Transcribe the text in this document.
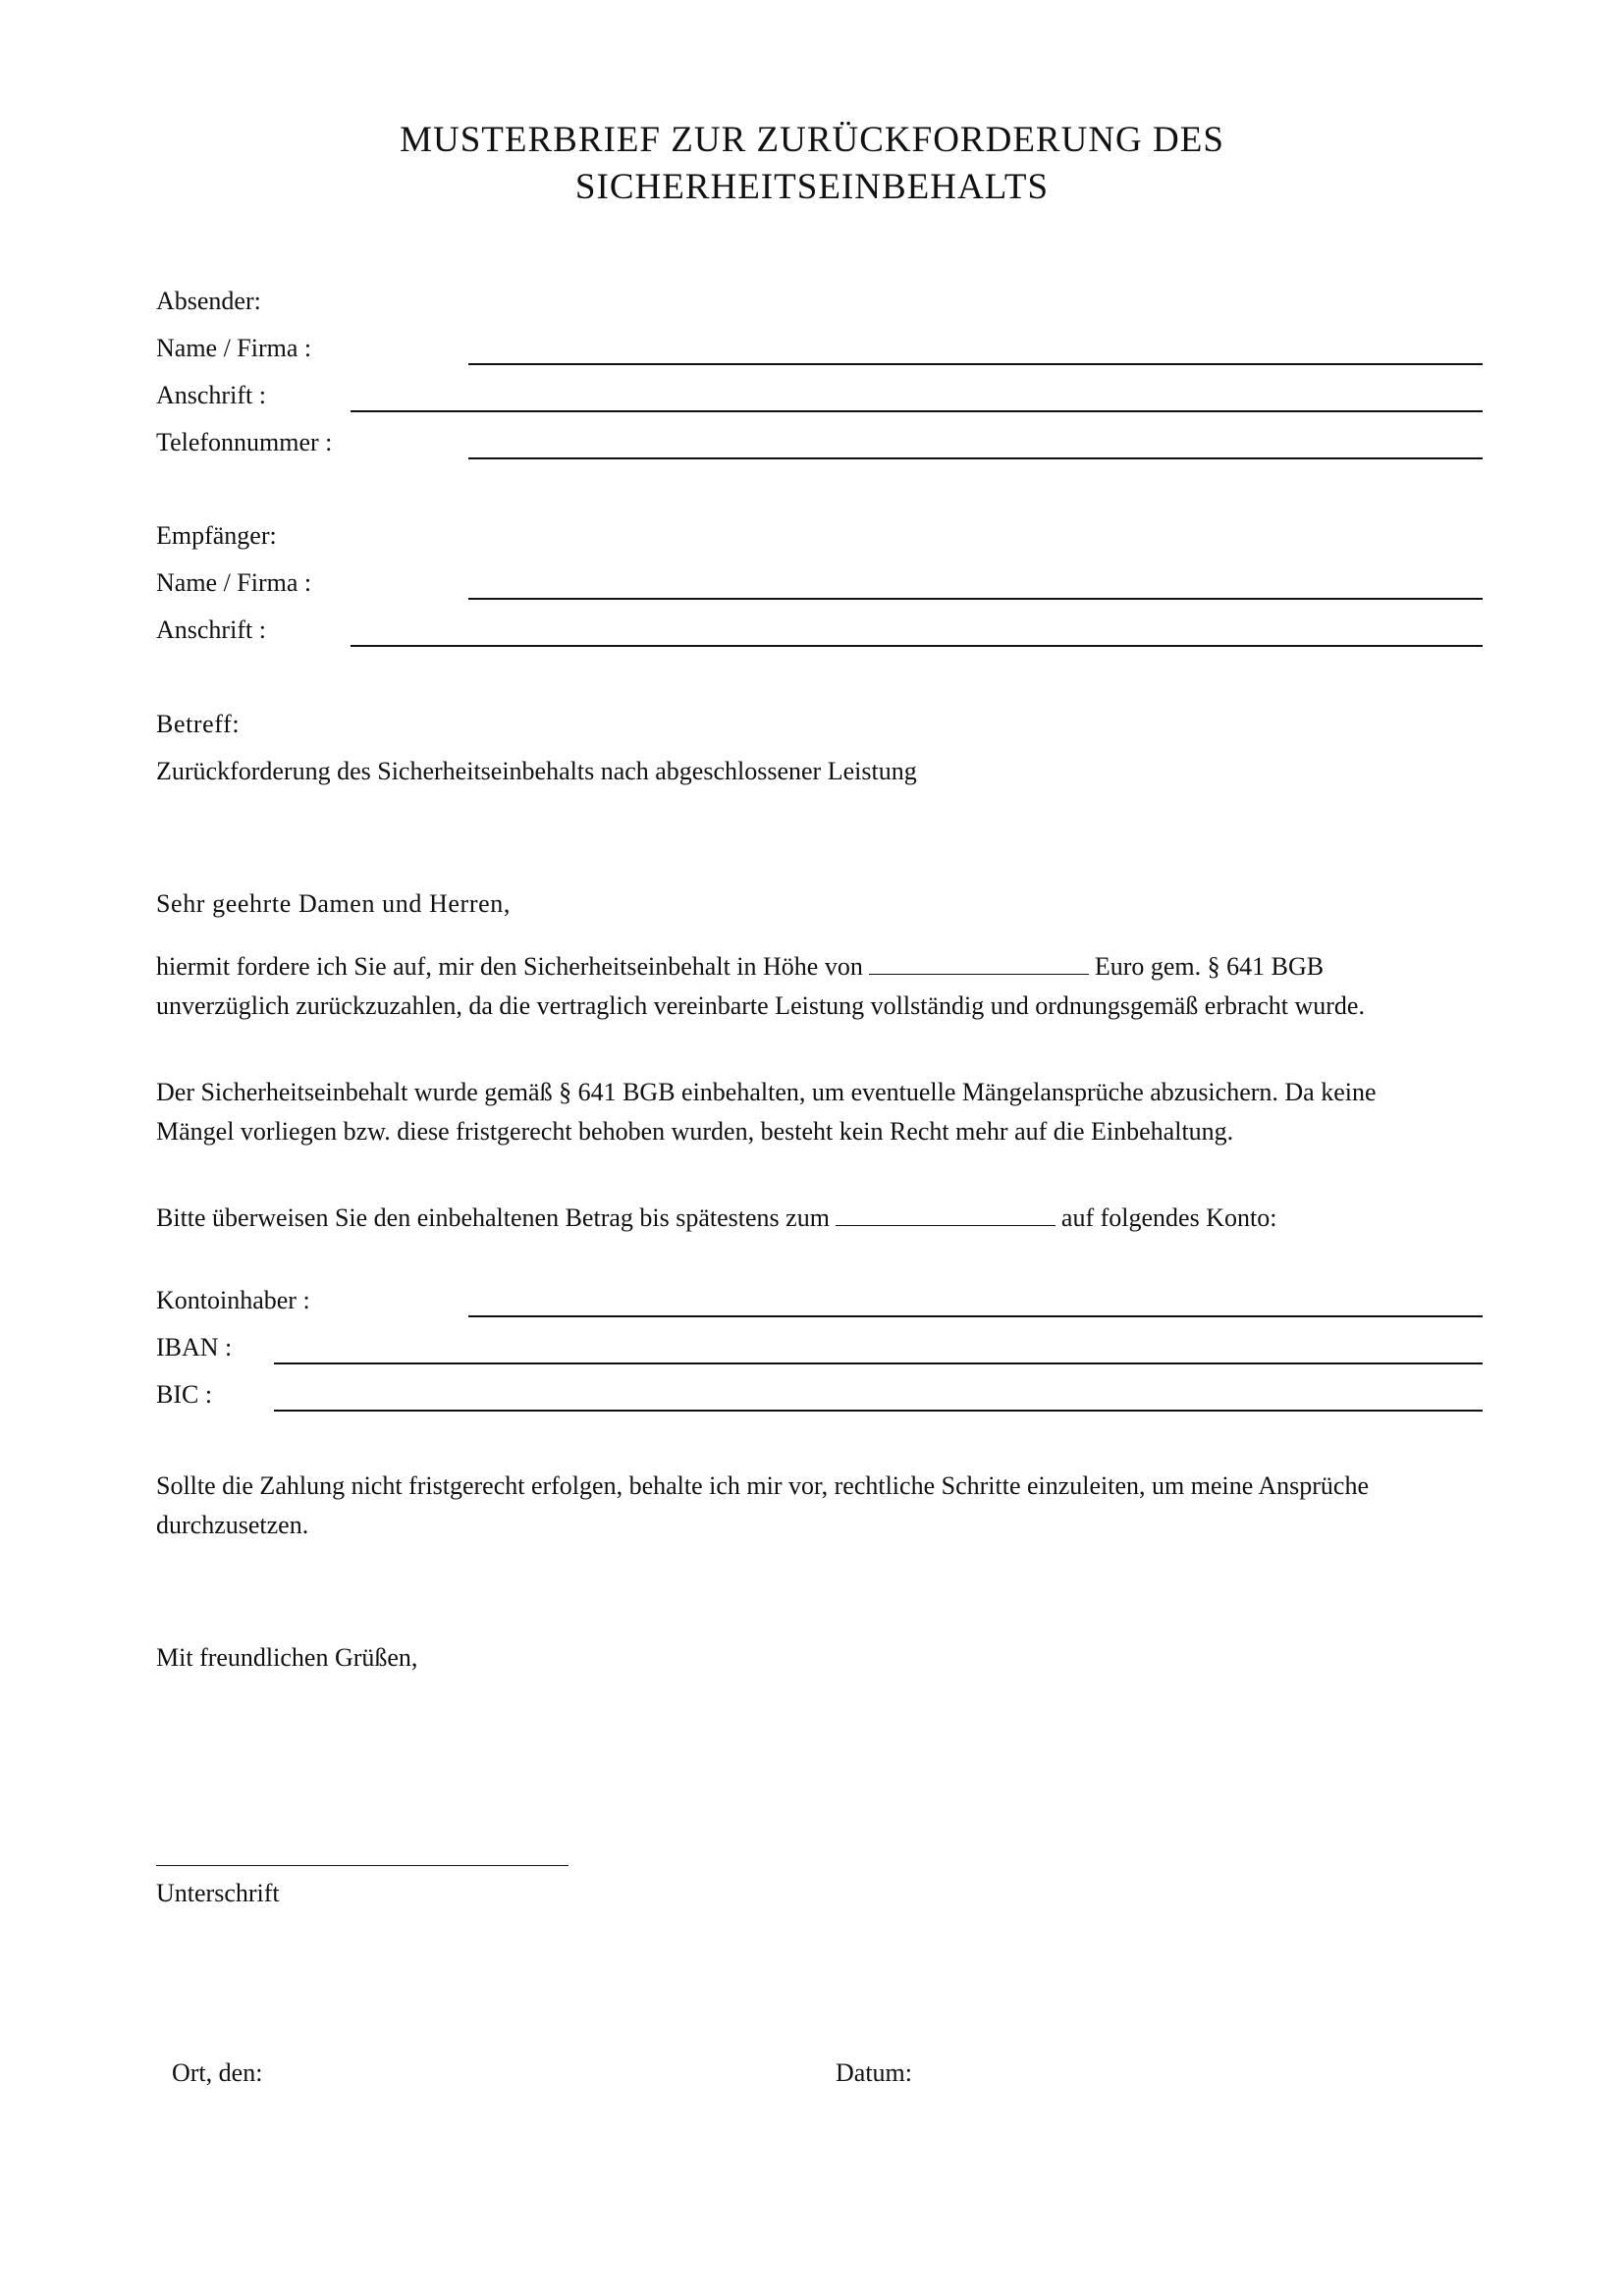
MUSTERBRIEF ZUR ZURÜCKFORDERUNG DES
SICHERHEITSEINBEHALTS
Absender:
Name / Firma :
Anschrift :
Telefonnummer :
Empfänger:
Name / Firma :
Anschrift :
Betreff:
Zurückforderung des Sicherheitseinbehalts nach abgeschlossener Leistung
Sehr geehrte Damen und Herren,
hiermit fordere ich Sie auf, mir den Sicherheitseinbehalt in Höhe von	Euro gem. § 641 BGB
unverzüglich zurückzuzahlen, da die vertraglich vereinbarte Leistung vollständig und ordnungsgemäß erbracht wurde.
Der Sicherheitseinbehalt wurde gemäß § 641 BGB einbehalten, um eventuelle Mängelansprüche abzusichern. Da keine
Mängel vorliegen bzw. diese fristgerecht behoben wurden, besteht kein Recht mehr auf die Einbehaltung.
Bitte überweisen Sie den einbehaltenen Betrag bis spätestens zum	auf folgendes Konto:
Kontoinhaber :
IBAN :
BIC :
Sollte die Zahlung nicht fristgerecht erfolgen, behalte ich mir vor, rechtliche Schritte einzuleiten, um meine Ansprüche
durchzusetzen.
Mit freundlichen Grüßen,
Unterschrift
Ort, den:	Datum:
